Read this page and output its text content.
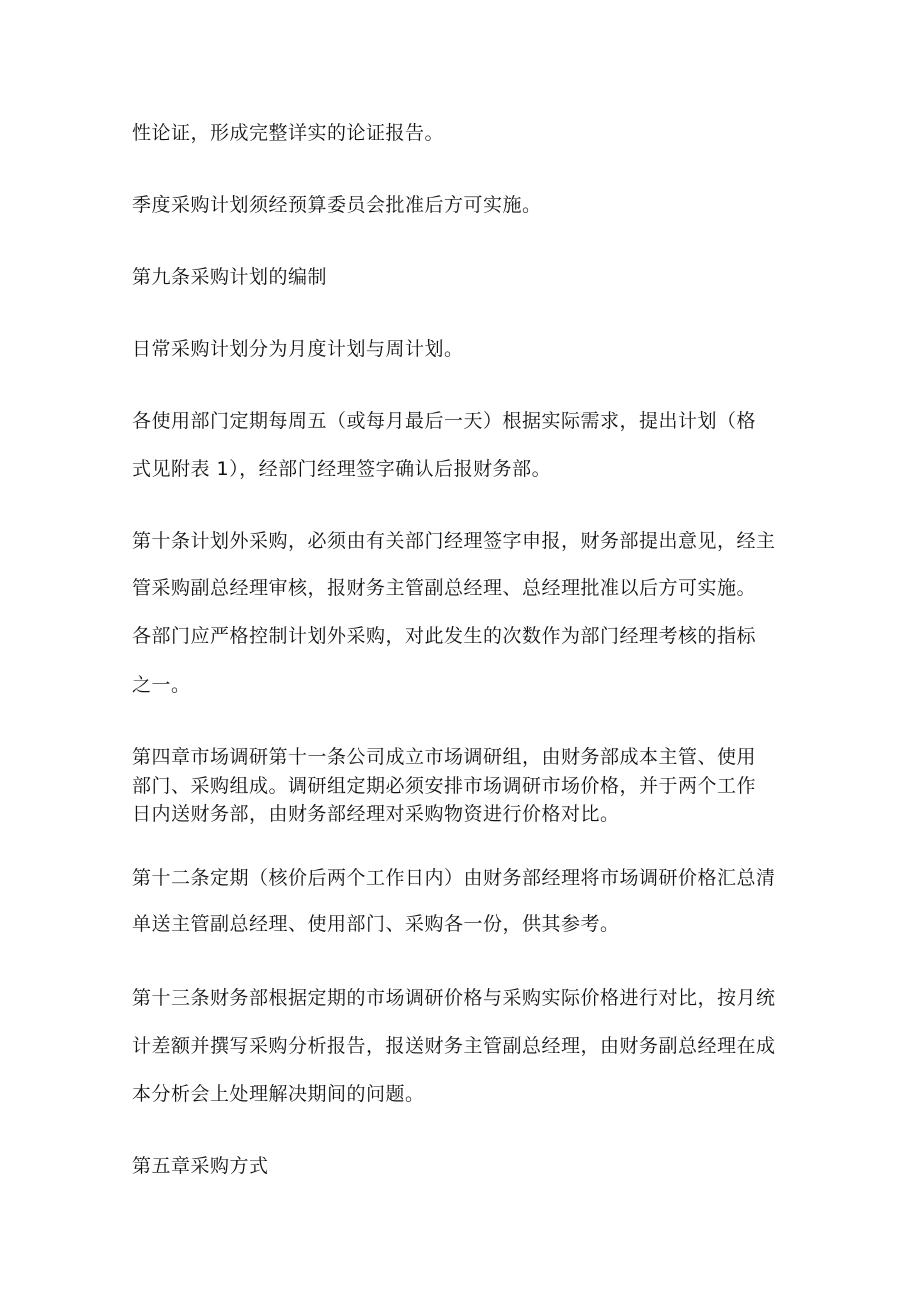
性论证，形成完整详实的论证报告。
季度采购计划须经预算委员会批准后方可实施。
第九条采购计划的编制
日常采购计划分为月度计划与周计划。
各使用部门定期每周五（或每月最后一天）根据实际需求，提出计划（格
式见附表 1），经部门经理签字确认后报财务部。
第十条计划外采购，必须由有关部门经理签字申报，财务部提出意见，经主
管采购副总经理审核，报财务主管副总经理、总经理批准以后方可实施。
各部门应严格控制计划外采购，对此发生的次数作为部门经理考核的指标
之一。
第四章市场调研第十一条公司成立市场调研组，由财务部成本主管、使用
部门、采购组成。调研组定期必须安排市场调研市场价格，并于两个工作
日内送财务部，由财务部经理对采购物资进行价格对比。
第十二条定期（核价后两个工作日内）由财务部经理将市场调研价格汇总清
单送主管副总经理、使用部门、采购各一份，供其参考。
第十三条财务部根据定期的市场调研价格与采购实际价格进行对比，按月统
计差额并撰写采购分析报告，报送财务主管副总经理，由财务副总经理在成
本分析会上处理解决期间的问题。
第五章采购方式
